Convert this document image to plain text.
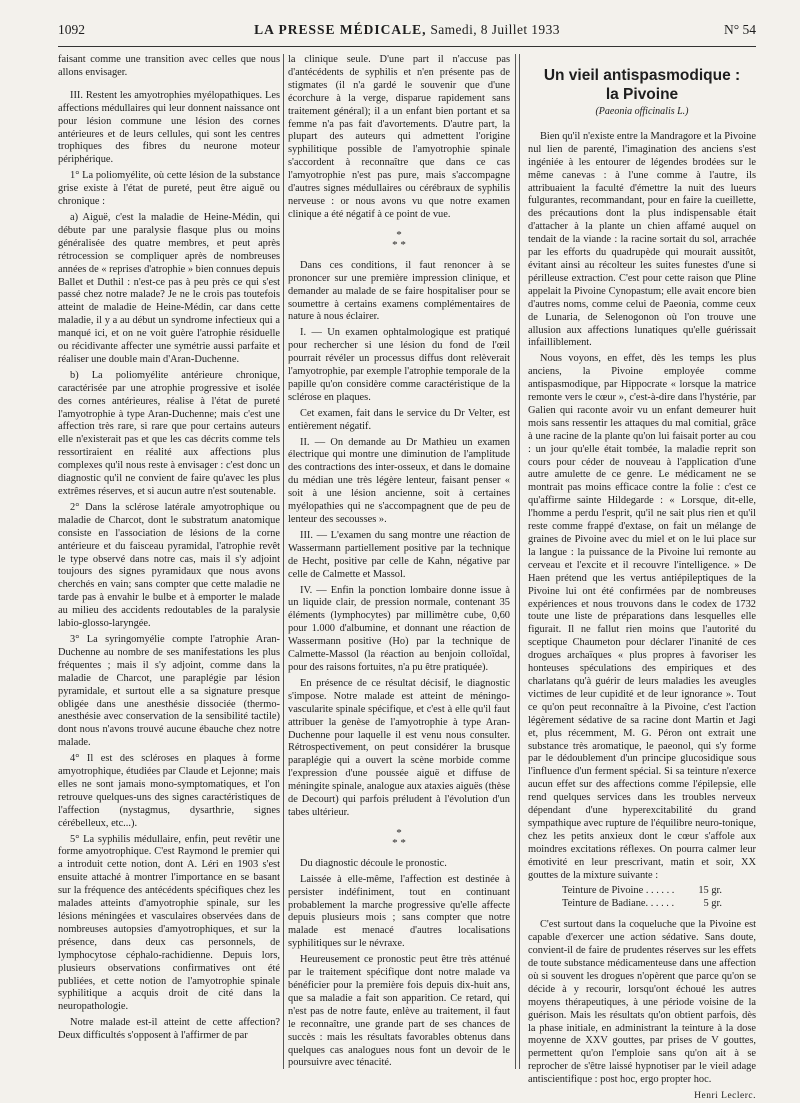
1092	LA PRESSE MÉDICALE, Samedi, 8 Juillet 1933	N° 54

faisant comme une transition avec celles que nous allons envisager.

III. Restent les amyotrophies myélopathiques. Les affections médullaires qui leur donnent naissance ont pour lésion commune une lésion des cornes antérieures et de leurs cellules, qui sont les centres trophiques des fibres du neurone moteur périphérique.

1° La poliomyélite, où cette lésion de la substance grise existe à l'état de pureté, peut être aiguë ou chronique :

a) Aiguë, c'est la maladie de Heine-Médin, qui débute par une paralysie flasque plus ou moins généralisée des quatre membres, et peut après rétrocession se compliquer après de nombreuses années de « reprises d'atrophie » bien connues depuis Ballet et Duthil : n'est-ce pas à peu près ce qui s'est passé chez notre malade? Je ne le crois pas toutefois atteint de maladie de Heine-Médin, car dans cette maladie, il y a au début un syndrome infectieux qui a manqué ici, et on ne voit guère l'atrophie résiduelle ou récidivante affecter une symétrie aussi parfaite et réaliser une double main d'Aran-Duchenne.

b) La poliomyélite antérieure chronique, caractérisée par une atrophie progressive et isolée des cornes antérieures, réalise à l'état de pureté l'amyotrophie à type Aran-Duchenne; mais c'est une affection très rare, si rare que pour certains auteurs elle n'existerait pas et que les cas décrits comme tels ressortiraient en réalité aux affections plus complexes qu'il nous reste à envisager : c'est donc un diagnostic qu'il ne convient de faire qu'avec les plus extrêmes réserves, et si aucun autre n'est soutenable.

2° Dans la sclérose latérale amyotrophique ou maladie de Charcot, dont le substratum anatomique consiste en l'association de lésions de la corne antérieure et du faisceau pyramidal, l'atrophie revêt le type observé dans notre cas, mais il s'y adjoint toujours des signes pyramidaux que nous avons cherchés en vain; sans compter que cette maladie ne tarde pas à envahir le bulbe et à emporter le malade au milieu des accidents redoutables de la paralysie labio-glosso-laryngée.

3° La syringomyélie compte l'atrophie Aran-Duchenne au nombre de ses manifestations les plus fréquentes ; mais il s'y adjoint, comme dans la maladie de Charcot, une paraplégie par lésion pyramidale, et surtout elle a sa signature presque obligée dans une anesthésie dissociée (thermo-anesthésie avec conservation de la sensibilité tactile) dont nous n'avons trouvé aucune ébauche chez notre malade.

4° Il est des scléroses en plaques à forme amyotrophique, étudiées par Claude et Lejonne; mais elles ne sont jamais mono-symptomatiques, et l'on retrouve quelques-uns des signes caractéristiques de l'affection (nystagmus, dysarthrie, signes cérébelleux, etc...).

5° La syphilis médullaire, enfin, peut revêtir une forme amyotrophique. C'est Raymond le premier qui a introduit cette notion, dont A. Léri en 1903 s'est ensuite attaché à montrer l'importance en se basant sur la fréquence des antécédents spécifiques chez les malades atteints d'amyotrophie spinale, sur les lésions méningées et vasculaires observées dans de nombreuses autopsies d'amyotrophiques, et sur la présence, dans deux cas personnels, de lymphocytose céphalo-rachidienne. Depuis lors, plusieurs observations confirmatives ont été publiées, et cette notion de l'amyotrophie spinale syphilitique a acquis droit de cité dans la neuropathologie.

Notre malade est-il atteint de cette affection? Deux difficultés s'opposent à l'affirmer de par

la clinique seule. D'une part il n'accuse pas d'antécédents de syphilis et n'en présente pas de stigmates (il n'a gardé le souvenir que d'une écorchure à la verge, disparue rapidement sans traitement général); il a un enfant bien portant et sa femme n'a pas fait d'avortements. D'autre part, la plupart des auteurs qui admettent l'origine syphilitique possible de l'amyotrophie spinale s'accordent à reconnaître que dans ce cas l'amyotrophie n'est pas pure, mais s'accompagne d'autres signes médullaires ou cérébraux de syphilis nerveuse : or nous avons vu que notre examen clinique a été négatif à ce point de vue.

*
* *

Dans ces conditions, il faut renoncer à se prononcer sur une première impression clinique, et demander au malade de se faire hospitaliser pour se soumettre à certains examens complémentaires de nature à nous éclairer.

I. — Un examen ophtalmologique est pratiqué pour rechercher si une lésion du fond de l'œil pourrait révéler un processus diffus dont relèverait l'amyotrophie, par exemple l'atrophie temporale de la papille qu'on considère comme caractéristique de la sclérose en plaques.

Cet examen, fait dans le service du Dr Velter, est entièrement négatif.

II. — On demande au Dr Mathieu un examen électrique qui montre une diminution de l'amplitude des contractions des inter-osseux, et dans le domaine du médian une très légère lenteur, faisant penser « soit à une lésion ancienne, soit à certaines myélopathies qui ne s'accompagnent que de peu de lenteur des secousses ».

III. — L'examen du sang montre une réaction de Wassermann partiellement positive par la technique de Hecht, positive par celle de Kahn, négative par celle de Calmette et Massol.

IV. — Enfin la ponction lombaire donne issue à un liquide clair, de pression normale, contenant 35 éléments (lymphocytes) par millimètre cube, 0,60 pour 1.000 d'albumine, et donnant une réaction de Wassermann positive (Ho) par la technique de Calmette-Massol (la réaction au benjoin colloïdal, pour des raisons fortuites, n'a pu être pratiquée).

En présence de ce résultat décisif, le diagnostic s'impose. Notre malade est atteint de méningo-vascularite spinale spécifique, et c'est à elle qu'il faut attribuer la genèse de l'amyotrophie à type Aran-Duchenne pour laquelle il est venu nous consulter. Rétrospectivement, on peut considérer la brusque paraplégie qui a ouvert la scène morbide comme l'expression d'une poussée aiguë et diffuse de méningite spinale, analogue aux ataxies aiguës (thèse de Decourt) qui parfois préludent à l'évolution d'un tabes ultérieur.

*
* *

Du diagnostic découle le pronostic.

Laissée à elle-même, l'affection est destinée à persister indéfiniment, tout en continuant probablement la marche progressive qu'elle affecte depuis plusieurs mois ; sans compter que notre malade est menacé d'autres localisations syphilitiques sur le névraxe.

Heureusement ce pronostic peut être très atténué par le traitement spécifique dont notre malade va bénéficier pour la première fois depuis dix-huit ans, que sa maladie a fait son apparition. Ce retard, qui n'est pas de notre faute, enlève au traitement, il faut le reconnaître, une grande part de ses chances de succès : mais les résultats favorables obtenus dans quelques cas analogues nous font un devoir de le poursuivre avec ténacité.

Un vieil antispasmodique :
la Pivoine
(Paeonia officinalis L.)

Bien qu'il n'existe entre la Mandragore et la Pivoine nul lien de parenté, l'imagination des anciens s'est ingéniée à les entourer de légendes brodées sur le même canevas : à l'une comme à l'autre, ils attribuaient la faculté d'émettre la nuit des lueurs fulgurantes, recommandant, pour en faire la cueillette, des précautions dont la plus indispensable était d'attacher à la plante un chien affamé auquel on tendait de la viande : la racine sortait du sol, arrachée par les efforts du quadrupède qui mourait aussitôt, évitant ainsi au récolteur les suites funestes d'une si périlleuse extraction. C'est pour cette raison que Pline appelait la Pivoine Cynopastum; elle avait encore bien d'autres noms, comme celui de Paeonia, comme ceux de Lunaria, de Selenogonon où l'on trouve une allusion aux affections lunatiques qu'elle guérissait infailliblement.

Nous voyons, en effet, dès les temps les plus anciens, la Pivoine employée comme antispasmodique, par Hippocrate « lorsque la matrice remonte vers le cœur », c'est-à-dire dans l'hystérie, par Galien qui raconte avoir vu un enfant demeurer huit mois sans ressentir les attaques du mal comitial, grâce à une racine de la plante qu'on lui faisait porter au cou : un jour qu'elle était tombée, la maladie reprit son cours pour céder de nouveau à l'application d'une autre amulette de ce genre. Le médicament ne se montrait pas moins efficace contre la folie : c'est ce qu'affirme sainte Hildegarde : « Lorsque, dit-elle, l'homme a perdu l'esprit, qu'il ne sait plus rien et qu'il reste comme frappé d'extase, on fait un mélange de graines de Pivoine avec du miel et on le lui place sur la langue : la puissance de la Pivoine lui remonte au cerveau et l'excite et il recouvre l'intelligence. » De Haen prétend que les vertus antiépileptiques de la Pivoine lui ont été confirmées par de nombreuses expériences et nous trouvons dans le codex de 1732 toute une liste de préparations dans lesquelles elle figurait. Il ne fallut rien moins que l'autorité du sceptique Chaumeton pour déclarer l'inanité de ces drogues archaïques « plus propres à favoriser les honteuses spéculations des empiriques et des charlatans qu'à guérir de leurs maladies les aveugles victimes de leur cupidité et de leur ignorance ». Tout ce qu'on peut reconnaître à la Pivoine, c'est l'action légèrement sédative de sa racine dont Martin et Jagi et, plus récemment, M. G. Péron ont extrait une substance très aromatique, le paeonol, qui s'y forme par le dédoublement d'un principe glucosidique sous l'influence d'un ferment spécial. Si sa teinture n'exerce aucun effet sur des affections comme l'épilepsie, elle rend quelques services dans les troubles nerveux dépendant d'une hyperexcitabilité du grand sympathique avec rupture de l'équilibre neuro-tonique, chez les petits anxieux dont le cœur s'affole aux moindres excitations réflexes. On pourra calmer leur émotivité en leur prescrivant, matin et soir, XX gouttes de la mixture suivante :

Teinture de Pivoine . . . . . . 15 gr.
Teinture de Badiane. . . . . .	5 gr.

C'est surtout dans la coqueluche que la Pivoine est capable d'exercer une action sédative. Sans doute, convient-il de faire de prudentes réserves sur les effets de toute substance médicamenteuse dans une affection où si souvent les drogues n'opèrent que parce qu'on se décide à y recourir, lorsqu'ont échoué les autres moyens thérapeutiques, à une période voisine de la guérison. Mais les résultats qu'on obtient parfois, dès la phase initiale, en administrant la teinture à la dose moyenne de XXV gouttes, par prises de V gouttes, permettent qu'on l'emploie sans qu'on ait à se reprocher de s'être laissé hypnotiser par le vieil adage antiscientifique : post hoc, ergo propter hoc.

Henri Leclerc.
